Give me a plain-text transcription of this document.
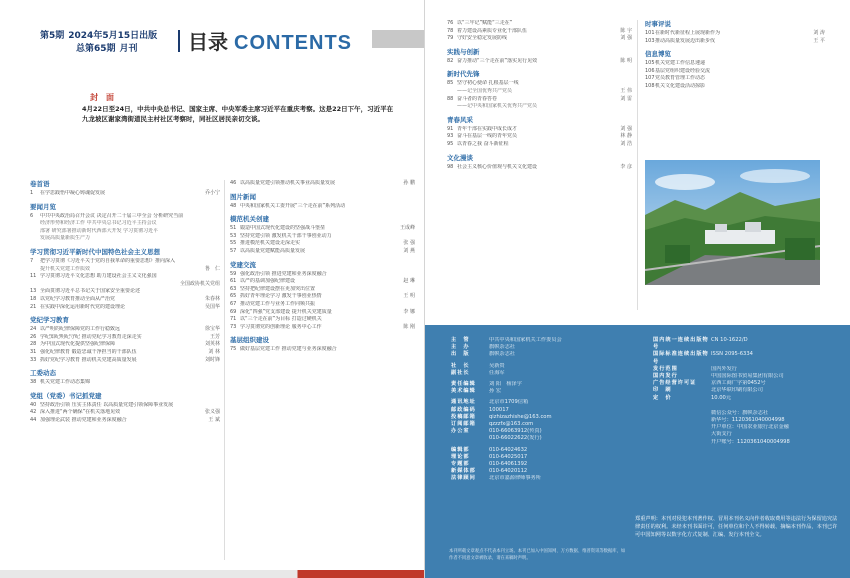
第5期 2024年5月15日出版
总第65期 月刊	目录 CONTENTS
封　面
4月22日至24日，中共中央总书记、国家主席、中央军委主席习近平在重庆考察。这是22日下午，习近平在九龙坡区谢家湾街道民主村社区考察时，同社区居民亲切交谈。
卷首语
1	在学思践悟中凝心铸魂促发展	乔小宁
要闻月览
6	中共中央政治局召开会议 决定召开二十届三中全会 分析研究当前
经济形势和经济工作 中共中央总书记习近平主持会议
部署 研究部署推动新时代西部大开发 学习贯彻习近平
发展高质量新质生产力
学习贯彻习近平新时代中国特色社会主义思想
7	把学习贯彻《习近平关于党的自我革命的重要思想》推向深入
提升机关党建工作质效	鲁　仁
11 学习贯彻习近平文化思想 助力建设社会主义文化强国
全国政协机关党组
13 全面贯彻习近平总书记关于国家安全重要论述
18 以党纪学习教育推动全面从严治党	朱春林
21 在实践中深化运用新时代党的建设理论	吴国华
党纪学习教育
24 以严明的纪律保障党的工作行稳致远	徐宝华
26 学纪知纪明纪守纪 推动党纪学习教育走深走实	王芳
28 为中国式现代化提供坚强纪律保障	刘英林
31 强化纪律教育 锻造忠诚干净担当的干部队伍	刘 林
33 抓好党纪学习教育 推动机关党建高质量发展	刘时锋
工委动态
38 机关党建工作动态集锦
党组（党委）书记抓党建
40 坚持政治引领 压实主体责任 以高质量党建引领保障事业发展
42 深入推进“两个确保”在机关落地见效	张义强
44 加强理论武装 推动党建和业务深度融合	王 斌
46 以高质量党建引领推动机关事业高质量发展	孙 鹏
图片新闻
48 中央和国家机关工委开展“三个走在前”系列活动
模范机关创建
51 锻造中国式现代化建设的坚强战斗堡垒	王成峰
53 坚持党建引领 激发机关干部干事创业动力
55 推进模范机关建设走深走实	张 强
57 以高质量党建赋能高质量发展	刘 燕
党建交流
59 强化政治引领 推进党建和业务深度融合
61 以严的基调加强纪律建设	赵 琳
63 坚持把纪律建设摆在更加突出位置
65 抓好青年理论学习 激发干事创业热情	王 明
67 推动党建工作与业务工作同频共振
69 深化“四强”党支部建设 提升机关党建质量	李 娜
71 以“三个走在前”为目标 打造过硬机关
73 学习贯彻党的创新理论 服务中心工作	陈 刚
基层组织建设
75 做好基层党建工作 推动党建与业务深度融合
76 以“三牢记”赋能“三走在”
78 着力建设高素质专业化干部队伍	陈 宇
79 守好安全稳定发展防线	刘 强
实践与创新
82 奋力推动“三个走在前”落实见行见效	陈 明
新时代先锋
85 坚守初心使命 扎根基层一线
——记全国优秀共产党员	王 伟
88 奋斗者的青春答卷	刘 雷
——记中央和国家机关优秀共产党员
青春风采
91 青年干部在实践中成长成才	刘 强
93 奋斗在基层一线的青年党员	林 静
95 以青春之我 奋斗新征程	刘 浩
文化漫谈
98 社会主义核心价值观与机关文化建设	李 彦
时事评说
101 在新时代新征程上展现新作为	刘 涛
103 推动高质量发展迈出新步伐	王 平
信息博览
105 机关党建工作信息速递
106 基层党组织建设经验交流
107 党员教育管理工作动态
108 机关文化建设活动掠影
主　管	中共中央和国家机关工作委员会
主　办	旗帜杂志社
出　版	旗帜杂志社
社　长	吴新贵
副社长	任海军
责任编辑	刘 阳　杨泽宇
美术编辑	孙 宏
通讯地址	北京市1709信箱
邮政编码	100017
投稿邮箱	qizhizazhishe@163.com
订阅邮箱	qzzzfx@163.com
办公室	010-66063912(传真)
010-66022622(发行)
编辑部	010-64024632
理论部	010-64025017
专题部	010-64061392
新媒体部	010-64020112
法律顾问	北京市嘉源律师事务所
国内统一连续出版物号
CN 10-1622/D
国际标准连续出版物号
ISSN 2095-6334
发行范围	国内外发行
国内发行	中国国际图书贸易集团有限公司
广告经营许可证	京西工商广字第0452号
印　刷	北京华联印刷有限公司
定　价	10.00元
微信公众号：旗帜杂志社
新华号：1120361040004998
开户单位：中国农业银行北京金融
大街支行
开户账号：1120361040004998
郑重声明：本刊对侵犯本刊著作权、冒用本刊名义向作者收取费用等违法行为保留追究法律责任的权利。未经本刊书面许可，任何单位和个人不得转载、摘编本刊作品，本刊已许可中国知网等以数字化方式复制、汇编、发行本刊全文。
本刊所载文章观点不代表本刊立场。本刊已加入中国知网、万方数据、维普资讯等数据库，如作者不同意文章被收录，请在来稿时声明。
